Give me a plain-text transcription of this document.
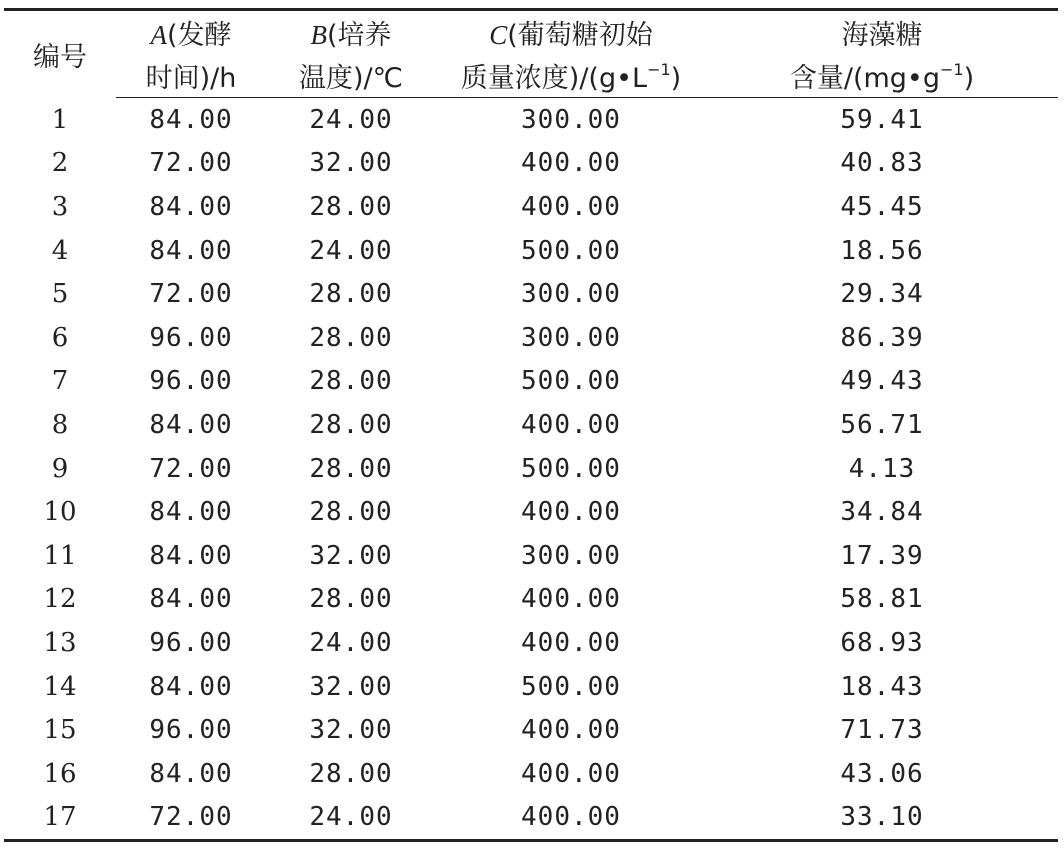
编号	A(发酵	B(培养	C(葡萄糖初始	海藻糖
	时间)/h	温度)/℃	质量浓度)$/(g•L^{-1})$	含量$/(mg•g^{-1})$
1	84.00	24.00	300.00	59.41
2	72.00	32.00	400.00	40.83
3	84.00	28.00	400.00	45.45
4	84.00	24.00	500.00	18.56
5	72.00	28.00	300.00	29.34
6	96.00	28.00	300.00	86.39
7	96.00	28.00	500.00	49.43
8	84.00	28.00	400.00	56.71
9	72.00	28.00	500.00	4.13
10	84.00	28.00	400.00	34.84
11	84.00	32.00	300.00	17.39
12	84.00	28.00	400.00	58.81
13	96.00	24.00	400.00	68.93
14	84.00	32.00	500.00	18.43
15	96.00	32.00	400.00	71.73
16	84.00	28.00	400.00	43.06
17	72.00	24.00	400.00	33.10
